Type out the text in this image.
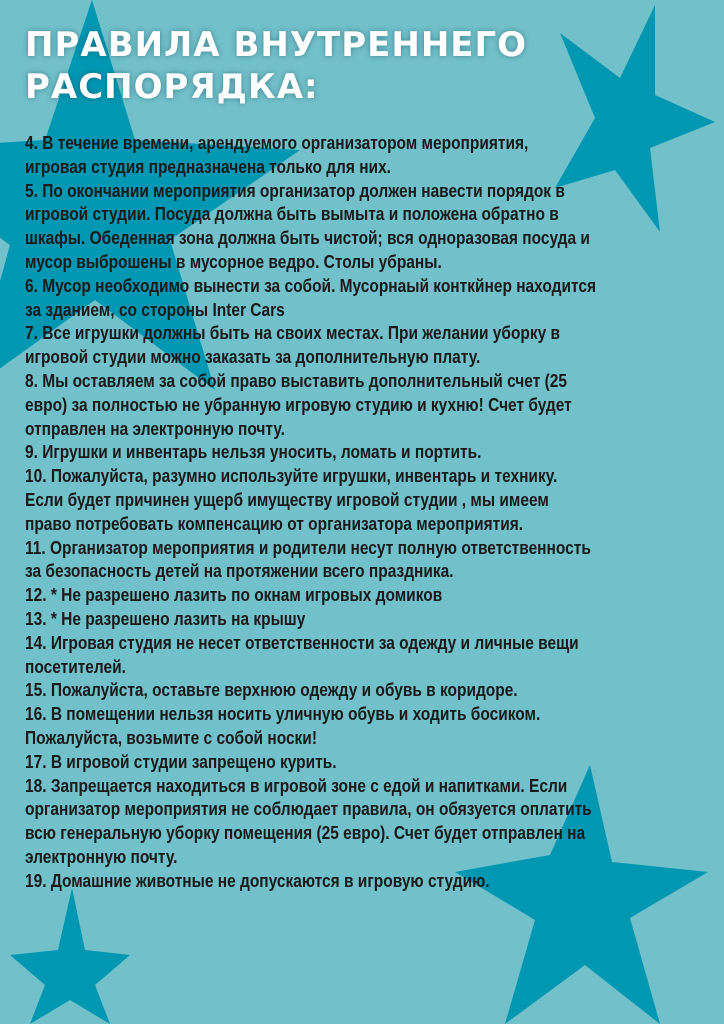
ПРАВИЛА ВНУТРЕННЕГО
РАСПОРЯДКА:
4. В течение времени, арендуемого организатором мероприятия,
игровая студия предназначена только для них.
5. По окончании мероприятия организатор должен навести порядок в
игровой студии. Посуда должна быть вымыта и положена обратно в
шкафы. Обеденная зона должна быть чистой; вся одноразовая посуда и
мусор выброшены в мусорное ведро. Столы убраны.
6. Мусор необходимо вынести за собой. Мусорнаый конткйнер находится
за зданием, со стороны Inter Cars
7. Все игрушки должны быть на своих местах. При желании уборку в
игровой студии можно заказать за дополнительную плату.
8. Мы оставляем за собой право выставить дополнительный счет (25
евро) за полностью не убранную игровую студию и кухню! Счет будет
отправлен на электронную почту.
9. Игрушки и инвентарь нельзя уносить, ломать и портить.
10. Пожалуйста, разумно используйте игрушки, инвентарь и технику.
Если будет причинен ущерб имуществу игровой студии , мы имеем
право потребовать компенсацию от организатора мероприятия.
11. Организатор мероприятия и родители несут полную ответственность
за безопасность детей на протяжении всего праздника.
12. * Не разрешено лазить по окнам игровых домиков
13. * Не разрешено лазить на крышу
14. Игровая студия не несет ответственности за одежду и личные вещи
посетителей.
15. Пожалуйста, оставьте верхнюю одежду и обувь в коридоре.
16. В помещении нельзя носить уличную обувь и ходить босиком.
Пожалуйста, возьмите с собой носки!
17. В игровой студии запрещено курить.
18. Запрещается находиться в игровой зоне с едой и напитками. Если
организатор мероприятия не соблюдает правила, он обязуется оплатить
всю генеральную уборку помещения (25 евро). Счет будет отправлен на
электронную почту.
19. Домашние животные не допускаются в игровую студию.
